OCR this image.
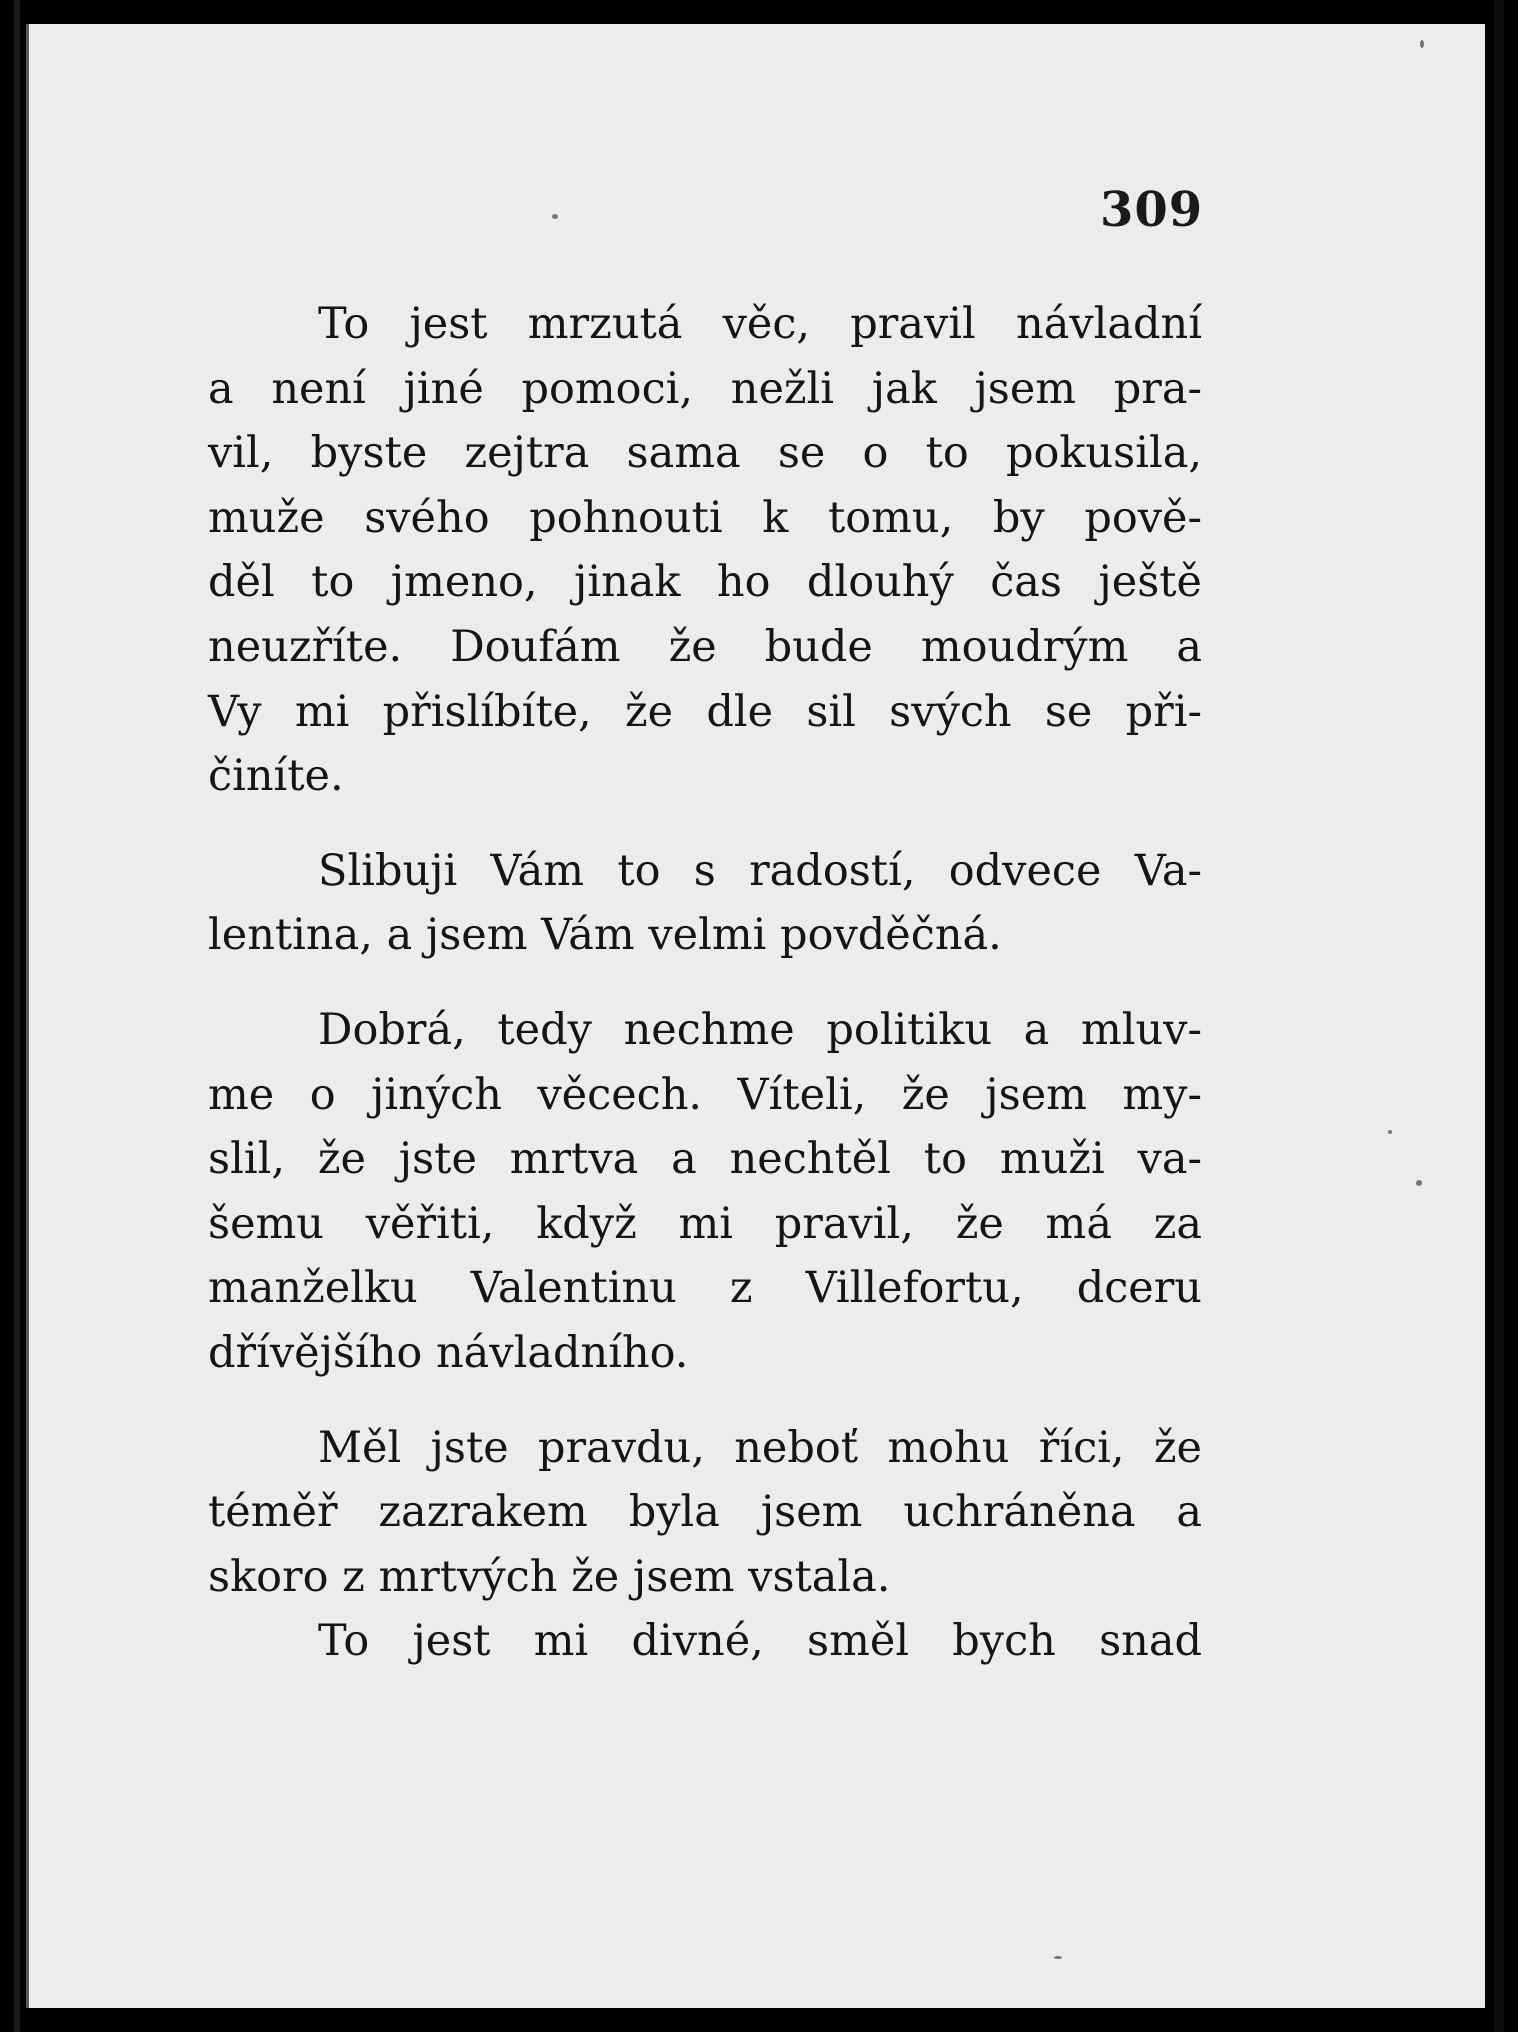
309
To jest mrzutá věc, pravil návladní
a není jiné pomoci, nežli jak jsem pra-
vil, byste zejtra sama se o to pokusila,
muže svého pohnouti k tomu, by pově-
děl to jmeno, jinak ho dlouhý čas ještě
neuzříte. Doufám že bude moudrým a
Vy mi přislíbíte, že dle sil svých se při-
činíte.
Slibuji Vám to s radostí, odvece Va-
lentina, a jsem Vám velmi povděčná.
Dobrá, tedy nechme politiku a mluv-
me o jiných věcech. Víteli, že jsem my-
slil, že jste mrtva a nechtěl to muži va-
šemu věřiti, když mi pravil, že má za
manželku Valentinu z Villefortu, dceru
dřívějšího návladního.
Měl jste pravdu, neboť mohu říci, že
téměř zazrakem byla jsem uchráněna a
skoro z mrtvých že jsem vstala.
To jest mi divné, směl bych snad
